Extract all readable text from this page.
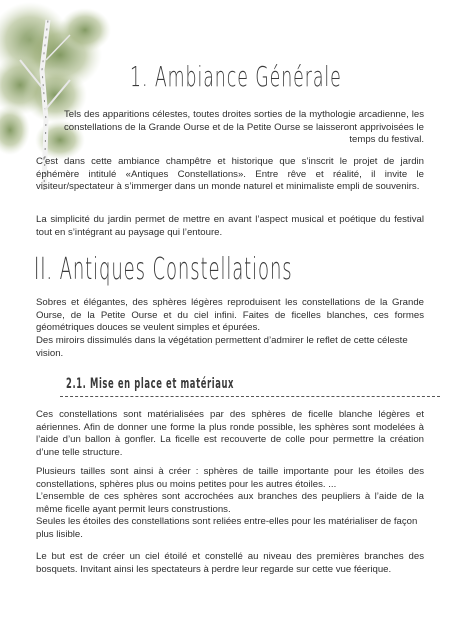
1. Ambiance Générale

Tels des apparitions célestes, toutes droites sorties de la mythologie arcadienne, les constellations de la Grande Ourse et de la Petite Ourse se laisseront apprivoisées le temps du festival.

C’est dans cette ambiance champêtre et historique que s’inscrit le projet de jardin éphémère intitulé «Antiques Constellations». Entre rêve et réalité, il invite le visiteur/spectateur à s’immerger dans un monde naturel et minimaliste empli de souvenirs.

La simplicité du jardin permet de mettre en avant l’aspect musical et poétique du festival tout en s’intégrant au paysage qui l’entoure.

II. Antiques Constellations

Sobres et élégantes, des sphères légères reproduisent les constellations de la Grande Ourse, de la Petite Ourse et du ciel infini. Faites de ficelles blanches, ces formes géométriques douces se veulent simples et épurées.

Des miroirs dissimulés dans la végétation permettent d’admirer le reflet de cette céleste vision.

2.1. Mise en place et matériaux

Ces constellations sont matérialisées par des sphères de ficelle blanche légères et aériennes. Afin de donner une forme la plus ronde possible, les sphères sont modelées à l’aide d’un ballon à gonfler. La ficelle est recouverte de colle pour permettre la création d’une telle structure.

Plusieurs tailles sont ainsi à créer : sphères de taille importante pour les étoiles des constellations, sphères plus ou moins petites pour les autres étoiles. ...

L’ensemble de ces sphères sont accrochées aux branches des peupliers à l’aide de la même ficelle ayant permit leurs construstions.

Seules les étoiles des constellations sont reliées entre-elles pour les matérialiser de façon plus lisible.

Le but est de créer un ciel étoilé et constellé au niveau des premières branches des bosquets. Invitant ainsi les spectateurs à perdre leur regarde sur cette vue féerique.
